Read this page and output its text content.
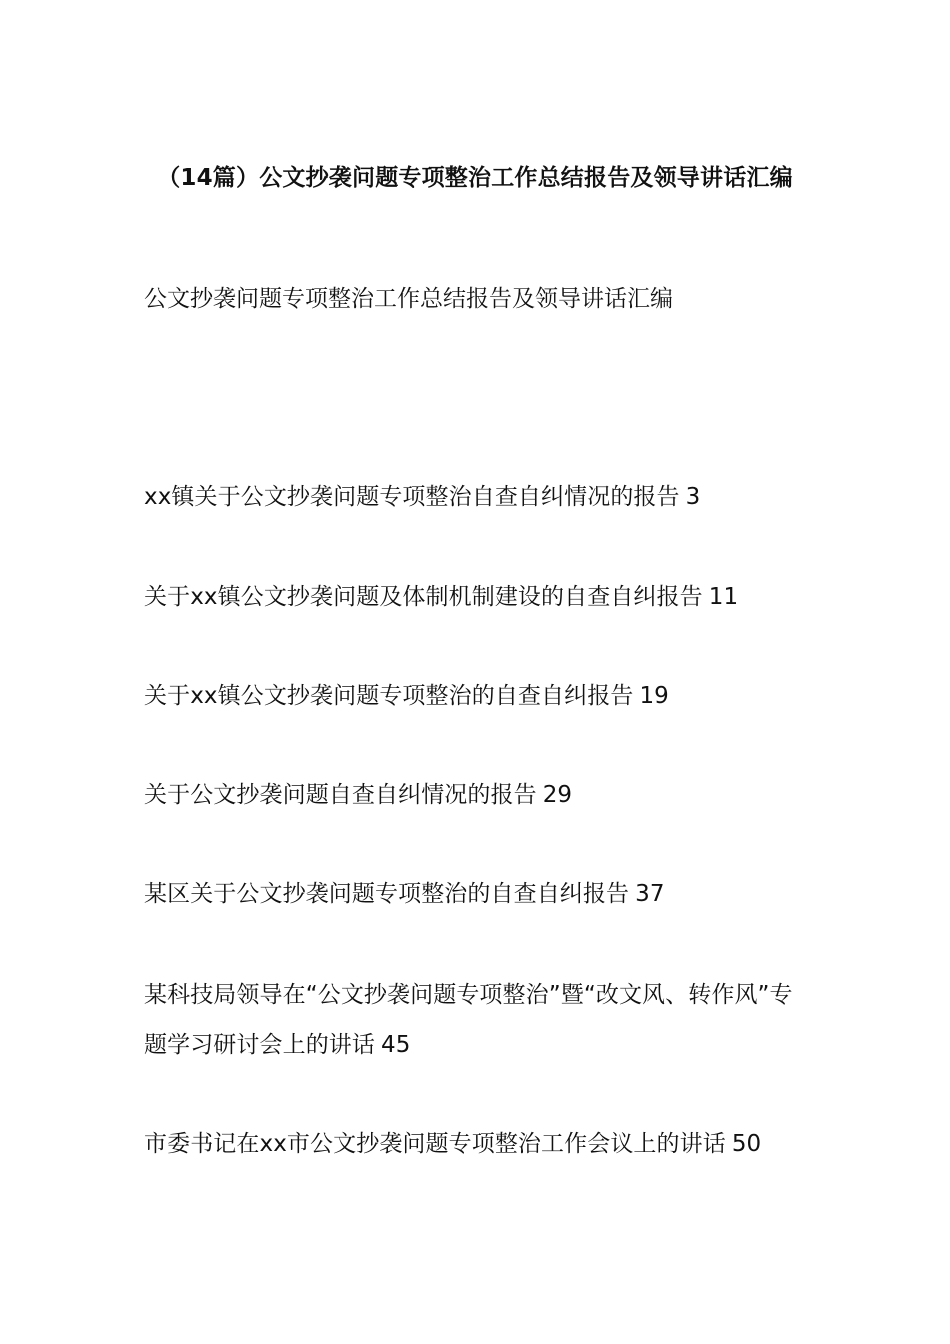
（14篇）公文抄袭问题专项整治工作总结报告及领导讲话汇编
公文抄袭问题专项整治工作总结报告及领导讲话汇编
xx镇关于公文抄袭问题专项整治自查自纠情况的报告 3
关于xx镇公文抄袭问题及体制机制建设的自查自纠报告 11
关于xx镇公文抄袭问题专项整治的自查自纠报告 19
关于公文抄袭问题自查自纠情况的报告 29
某区关于公文抄袭问题专项整治的自查自纠报告 37
某科技局领导在“公文抄袭问题专项整治”暨“改文风、转作风”专题学习研讨会上的讲话 45
市委书记在xx市公文抄袭问题专项整治工作会议上的讲话 50
